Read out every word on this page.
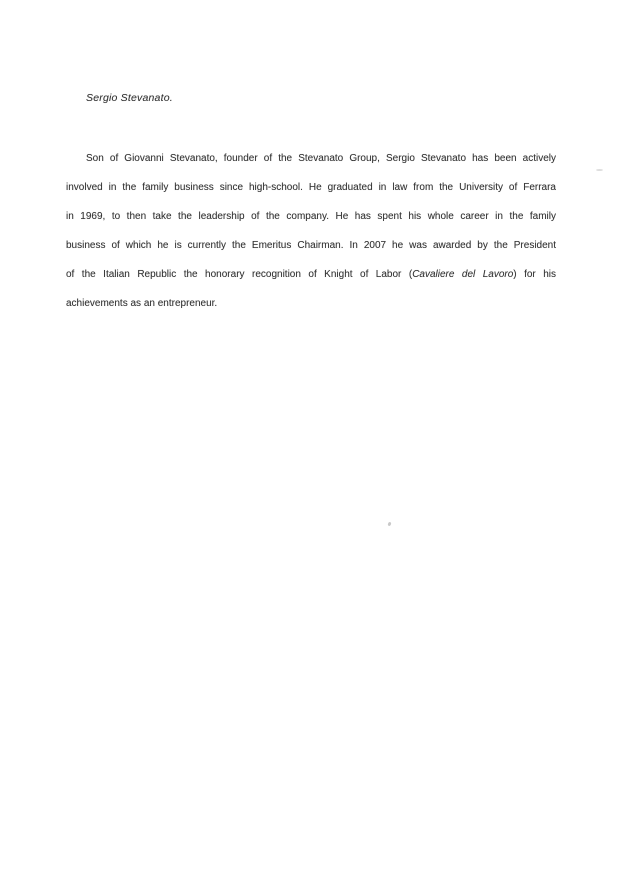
Sergio Stevanato.
Son of Giovanni Stevanato, founder of the Stevanato Group, Sergio Stevanato has been actively
involved in the family business since high-school. He graduated in law from the University of Ferrara
in 1969, to then take the leadership of the company. He has spent his whole career in the family
business of which he is currently the Emeritus Chairman. In 2007 he was awarded by the President
of the Italian Republic the honorary recognition of Knight of Labor (Cavaliere del Lavoro) for his
achievements as an entrepreneur.
